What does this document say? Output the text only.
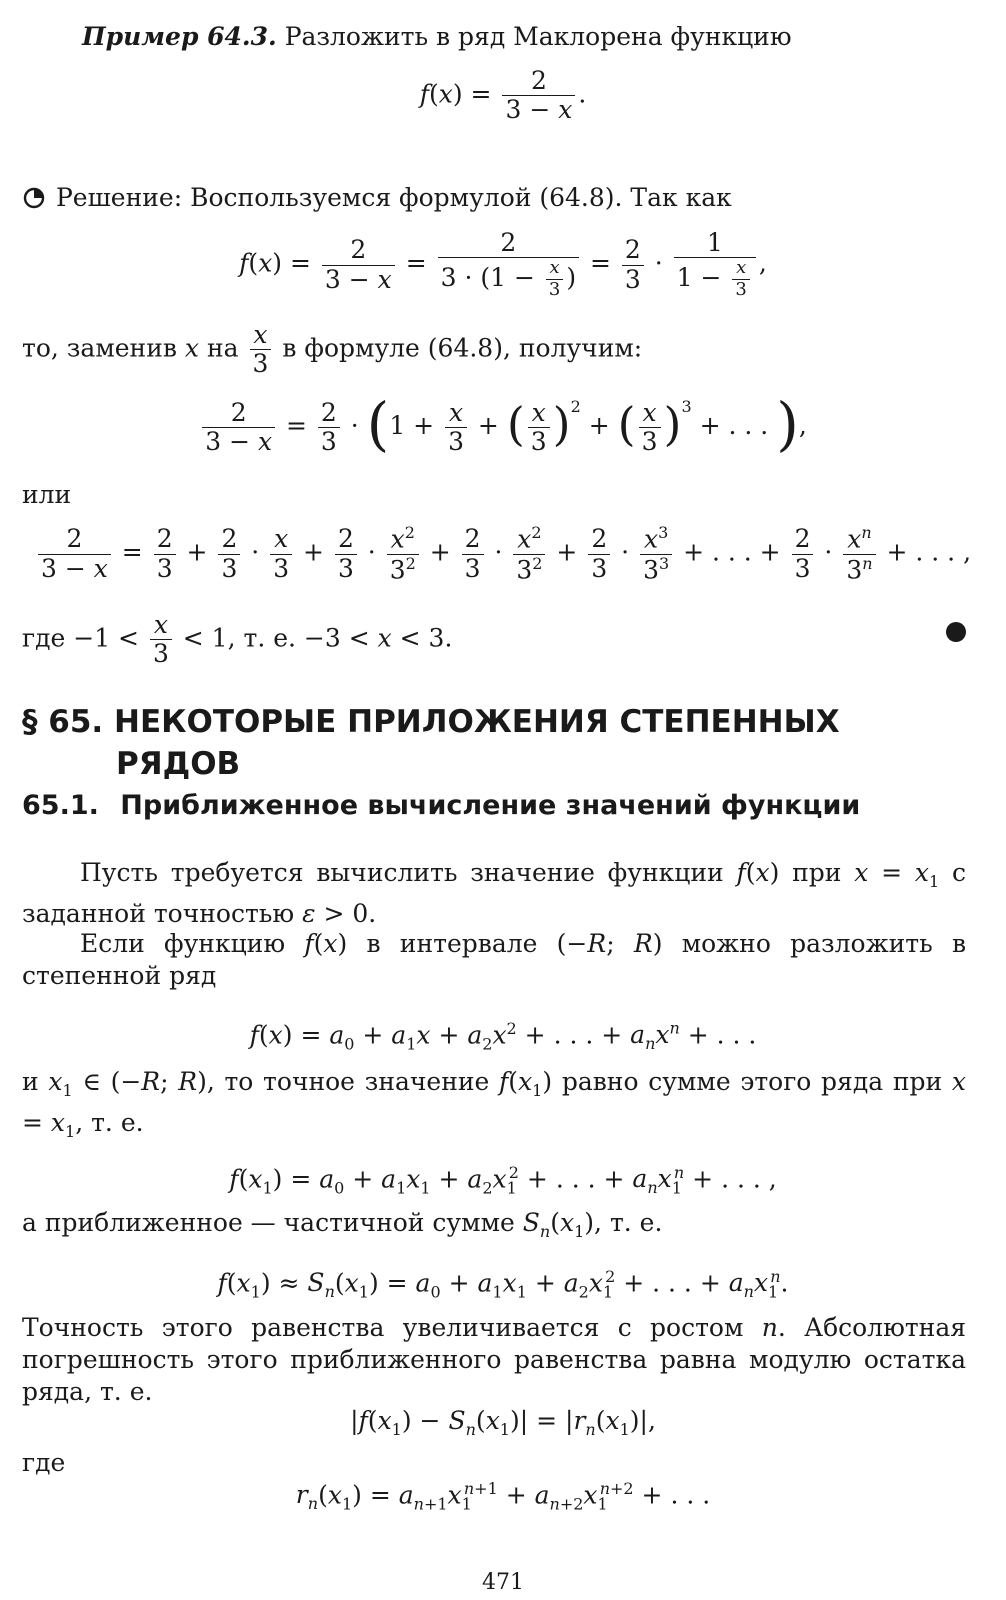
Пример 64.3. Разложить в ряд Маклорена функцию
$f(x) = \frac{2}{3 - x}$ .
Решение: Воспользуемся формулой (64.8). Так как
$f(x) = \frac{2}{3 - x} = \frac{2}{3 \cdot (1 - \frac{x}{3} )} = \frac{2}{3} \cdot \frac{1}{1 - \frac{x}{3}}$ ,
то, заменив x на $\frac{x}{3}$ в формуле (64.8), получим:
$\frac{2}{3 - x} = \frac{2}{3} \cdot (1 + \frac{x}{3}$ + ( $\frac{x}{3} )^2$ + ( $\frac{x}{3} )^3$ + . . . ),
или
$\frac{2}{3 - x} = \frac{2}{3} + \frac{2}{3} \cdot \frac{x}{3} + \frac{2}{3} \cdot \frac{x^2}{3^2} + \frac{2}{3} \cdot \frac{x^2}{3^2} + \frac{2}{3} \cdot \frac{x^3}{3^3}$ + . . . + $\frac{2}{3} \cdot \frac{x^n}{3^n}$ + . . . ,
где $-1 < \frac{x}{3} < 1$, т. е. −3 < x < 3.
§ 65. НЕКОТОРЫЕ ПРИЛОЖЕНИЯ СТЕПЕННЫХ
РЯДОВ
65.1. Приближенное вычисление значений функции
Пусть требуется вычислить значение функции f(x) при $x = x_1$ с заданной точностью ε > 0.
Если функцию f(x) в интервале (−R; R) можно разложить в степенной ряд
$f(x) = a_0 + a_1x + a_2x^2$ + . . . + $a_nx^n$ + . . .
и $x_1$ ∈ (−R; R), то точное значение $f(x_1)$ равно сумме этого ряда при $x = x_1$, т. е.
$f(x_1) = a_0 + a_1x_1 + a_2x_1^2$ + . . . + $a_nx_1^n$ + . . . ,
а приближенное — частичной сумме $S_n(x_1)$, т. е.
$f(x_1) \approx S_n(x_1) = a_0 + a_1x_1 + a_2x_1^2$ + . . . + $a_nx_1^n$.
Точность этого равенства увеличивается с ростом n. Абсолютная погрешность этого приближенного равенства равна модулю остатка ряда, т. е.
$|f(x_1) - S_n(x_1)| = |r_n(x_1)|$,
где
$r_n(x_1) = a_{n+1}x_1^{n+1} + a_{n+2}x_1^{n+2}$ + . . .
471
